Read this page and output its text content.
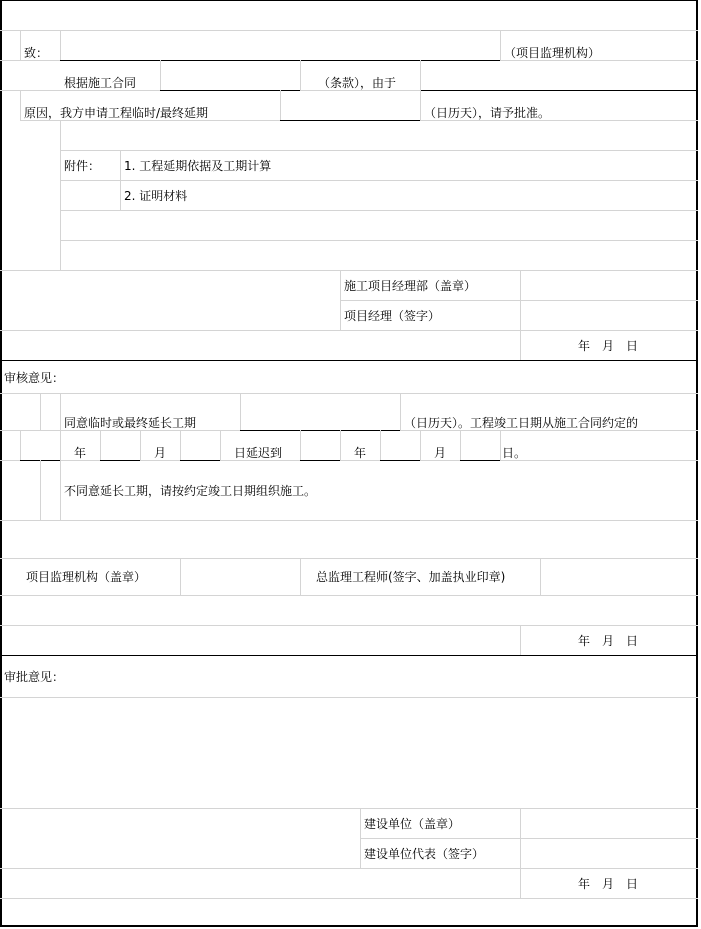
致：	（项目监理机构）
根据施工合同	（条款），由于
原因，我方申请工程临时/最终延期	（日历天），请予批准。
附件： 1. 工程延期依据及工期计算
2. 证明材料
施工项目经理部（盖章）
项目经理（签字）
年　月　日
审核意见：
同意临时或最终延长工期	（日历天）。工程竣工日期从施工合同约定的
年	月	日延迟到	年	月	日。
不同意延长工期，请按约定竣工日期组织施工。
项目监理机构（盖章）	总监理工程师(签字、加盖执业印章)
年　月　日
审批意见：
建设单位（盖章）
建设单位代表（签字）
年　月　日
